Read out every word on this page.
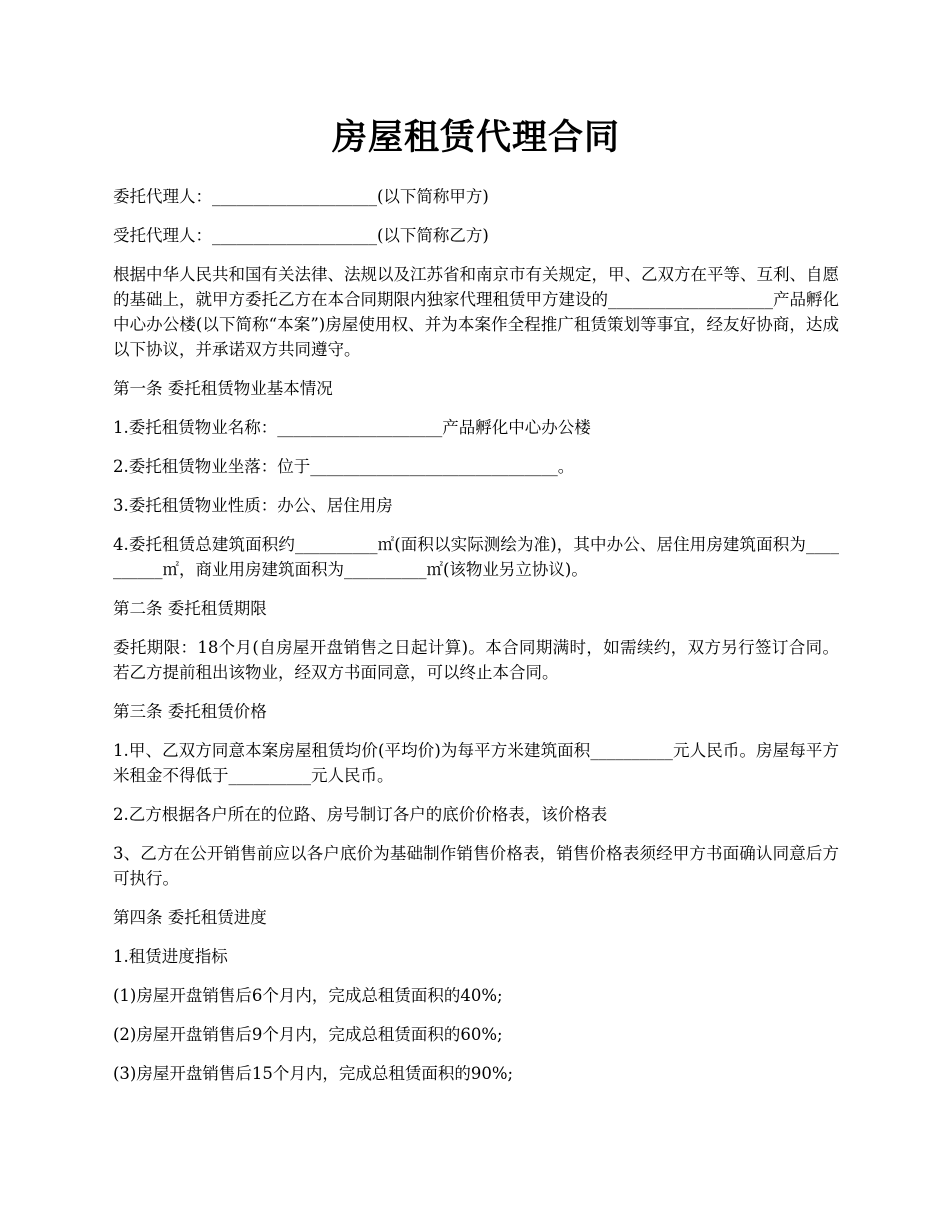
房屋租赁代理合同

委托代理人：____________________(以下简称甲方)

受托代理人：____________________(以下简称乙方)

根据中华人民共和国有关法律、法规以及江苏省和南京市有关规定，甲、乙双方在平等、互利、自愿的基础上，就甲方委托乙方在本合同期限内独家代理租赁甲方建设的____________________产品孵化中心办公楼(以下简称“本案”)房屋使用权、并为本案作全程推广租赁策划等事宜，经友好协商，达成以下协议，并承诺双方共同遵守。

第一条 委托租赁物业基本情况

1.委托租赁物业名称：____________________产品孵化中心办公楼

2.委托租赁物业坐落：位于______________________________。

3.委托租赁物业性质：办公、居住用房

4.委托租赁总建筑面积约__________㎡(面积以实际测绘为准)，其中办公、居住用房建筑面积为__________㎡，商业用房建筑面积为__________㎡(该物业另立协议)。

第二条 委托租赁期限

委托期限：18个月(自房屋开盘销售之日起计算)。本合同期满时，如需续约，双方另行签订合同。若乙方提前租出该物业，经双方书面同意，可以终止本合同。

第三条 委托租赁价格

1.甲、乙双方同意本案房屋租赁均价(平均价)为每平方米建筑面积__________元人民币。房屋每平方米租金不得低于__________元人民币。

2.乙方根据各户所在的位路、房号制订各户的底价价格表，该价格表

3、乙方在公开销售前应以各户底价为基础制作销售价格表，销售价格表须经甲方书面确认同意后方可执行。

第四条 委托租赁进度

1.租赁进度指标

(1)房屋开盘销售后6个月内，完成总租赁面积的40%;

(2)房屋开盘销售后9个月内，完成总租赁面积的60%;

(3)房屋开盘销售后15个月内，完成总租赁面积的90%;
